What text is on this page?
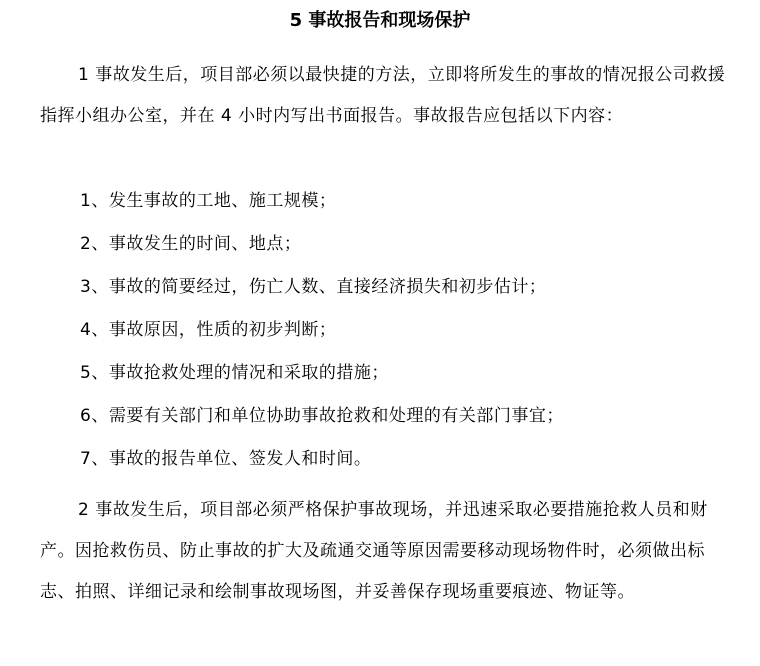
5 事故报告和现场保护

1 事故发生后，项目部必须以最快捷的方法，立即将所发生的事故的情况报公司救援指挥小组办公室，并在 4 小时内写出书面报告。事故报告应包括以下内容：

1、发生事故的工地、施工规模；
2、事故发生的时间、地点；
3、事故的简要经过，伤亡人数、直接经济损失和初步估计；
4、事故原因，性质的初步判断；
5、事故抢救处理的情况和采取的措施；
6、需要有关部门和单位协助事故抢救和处理的有关部门事宜；
7、事故的报告单位、签发人和时间。

2 事故发生后，项目部必须严格保护事故现场，并迅速采取必要措施抢救人员和财产。因抢救伤员、防止事故的扩大及疏通交通等原因需要移动现场物件时，必须做出标志、拍照、详细记录和绘制事故现场图，并妥善保存现场重要痕迹、物证等。
